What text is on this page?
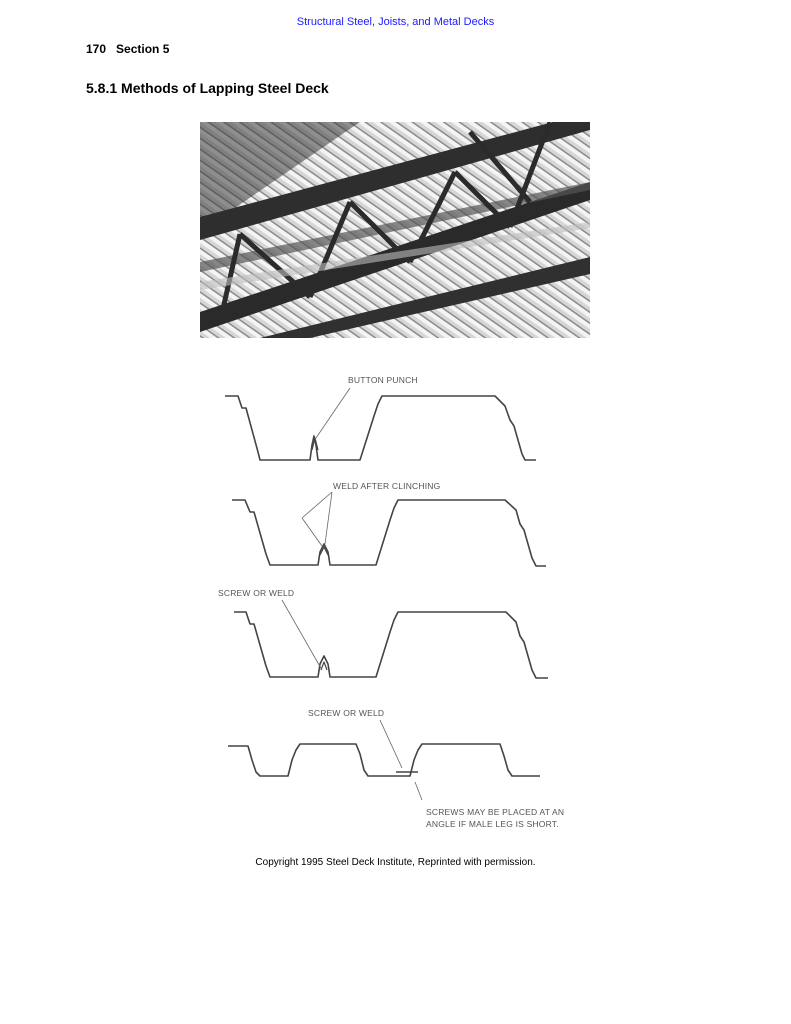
Structural Steel, Joists, and Metal Decks
170 Section 5
5.8.1 Methods of Lapping Steel Deck
BUTTON PUNCH
WELD AFTER CLINCHING
SCREW OR WELD
SCREW OR WELD
SCREWS MAY BE PLACED AT AN
ANGLE IF MALE LEG IS SHORT.
Copyright 1995 Steel Deck Institute, Reprinted with permission.
